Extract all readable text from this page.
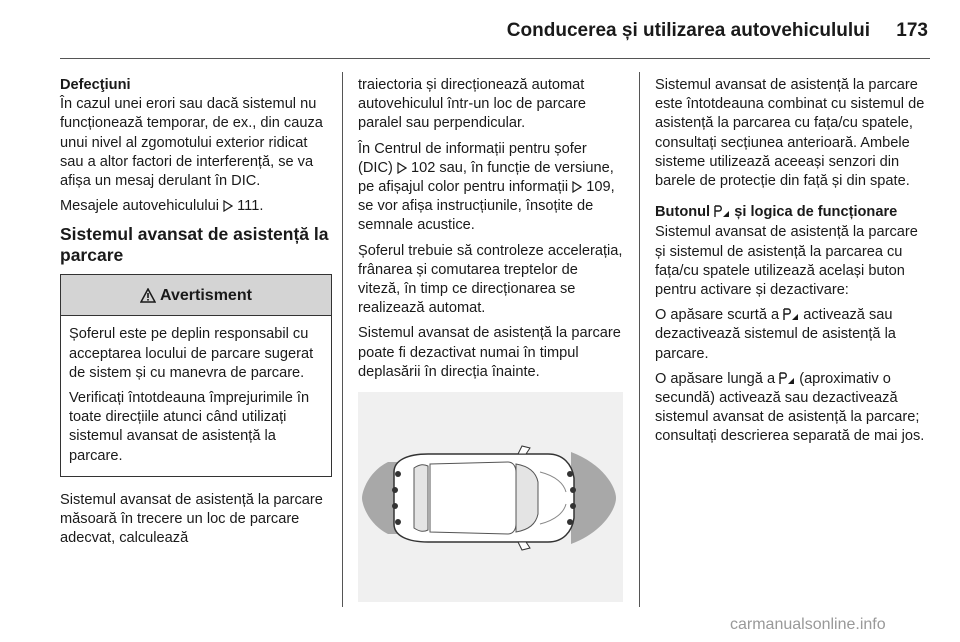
Conducerea și utilizarea autovehiculului	173
Defecţiuni

În cazul unei erori sau dacă sistemul nu funcționează temporar, de ex., din cauza unui nivel al zgomotului exterior ridicat sau a altor factori de interferență, se va afișa un mesaj derulant în DIC.

Mesajele autovehiculului 111.

Sistemul avansat de asistență la parcare
Avertisment

Șoferul este pe deplin responsabil cu acceptarea locului de parcare sugerat de sistem și cu manevra de parcare.

Verificați întotdeauna împrejurimile în toate direcțiile atunci când utilizați sistemul avansat de asistență la parcare.

Sistemul avansat de asistență la parcare măsoară în trecere un loc de parcare adecvat, calculează

traiectoria și direcționează automat autovehiculul într-un loc de parcare paralel sau perpendicular.

În Centrul de informații pentru șofer (DIC) 102 sau, în funcție de versiune, pe afișajul color pentru informații 109, se vor afișa instrucțiunile, însoțite de semnale acustice.

Șoferul trebuie să controleze accelerația, frânarea și comutarea treptelor de viteză, în timp ce direcționarea se realizează automat.

Sistemul avansat de asistență la parcare poate fi dezactivat numai în timpul deplasării în direcția înainte.

Sistemul avansat de asistență la parcare este întotdeauna combinat cu sistemul de asistență la parcarea cu fața/cu spatele, consultați secțiunea anterioară. Ambele sisteme utilizează aceeași senzori din barele de protecție din față și din spate.

Butonul și logica de funcționare

Sistemul avansat de asistență la parcare și sistemul de asistență la parcarea cu fața/cu spatele utilizează același buton pentru activare și dezactivare:

O apăsare scurtă a activează sau dezactivează sistemul de asistență la parcare.

O apăsare lungă a (aproximativ o secundă) activează sau dezactivează sistemul avansat de asistență la parcare; consultați descrierea separată de mai jos.

carmanualsonline.info
